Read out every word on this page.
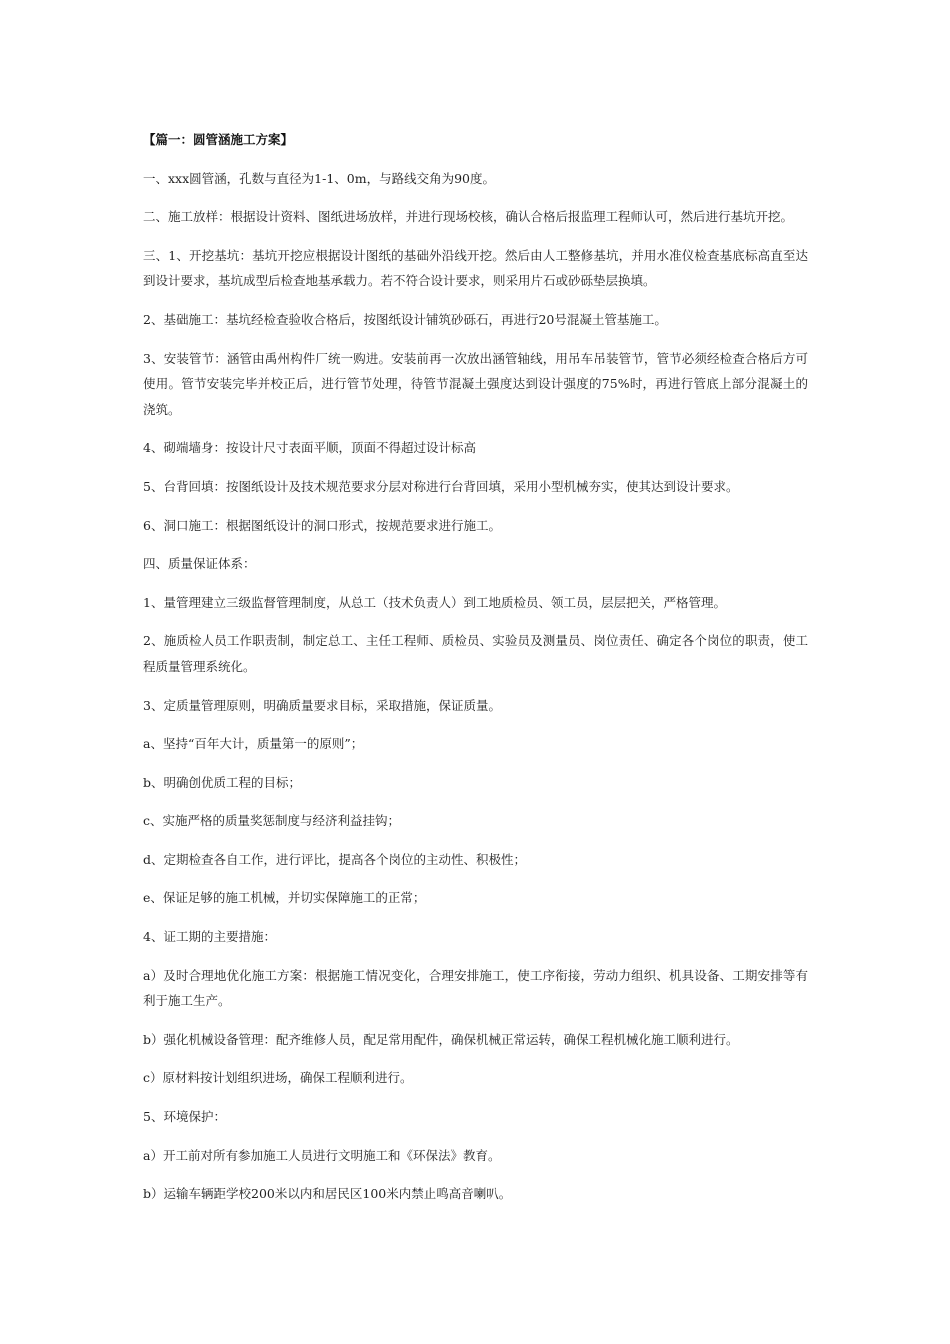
【篇一：圆管涵施工方案】
一、xxx圆管涵，孔数与直径为1-1、0m，与路线交角为90度。
二、施工放样：根据设计资料、图纸进场放样，并进行现场校核，确认合格后报监理工程师认可，然后进行基坑开挖。
三、1、开挖基坑：基坑开挖应根据设计图纸的基础外沿线开挖。然后由人工整修基坑，并用水准仪检查基底标高直至达到设计要求，基坑成型后检查地基承载力。若不符合设计要求，则采用片石或砂砾垫层换填。
2、基础施工：基坑经检查验收合格后，按图纸设计铺筑砂砾石，再进行20号混凝土管基施工。
3、安装管节：涵管由禹州构件厂统一购进。安装前再一次放出涵管轴线，用吊车吊装管节，管节必须经检查合格后方可使用。管节安装完毕并校正后，进行管节处理，待管节混凝土强度达到设计强度的75%时，再进行管底上部分混凝土的浇筑。
4、砌端墙身：按设计尺寸表面平顺，顶面不得超过设计标高
5、台背回填：按图纸设计及技术规范要求分层对称进行台背回填，采用小型机械夯实，使其达到设计要求。
6、洞口施工：根据图纸设计的洞口形式，按规范要求进行施工。
四、质量保证体系：
1、量管理建立三级监督管理制度，从总工（技术负责人）到工地质检员、领工员，层层把关，严格管理。
2、施质检人员工作职责制，制定总工、主任工程师、质检员、实验员及测量员、岗位责任、确定各个岗位的职责，使工程质量管理系统化。
3、定质量管理原则，明确质量要求目标，采取措施，保证质量。
a、坚持“百年大计，质量第一的原则”；
b、明确创优质工程的目标；
c、实施严格的质量奖惩制度与经济利益挂钩；
d、定期检查各自工作，进行评比，提高各个岗位的主动性、积极性；
e、保证足够的施工机械，并切实保障施工的正常；
4、证工期的主要措施：
a）及时合理地优化施工方案：根据施工情况变化，合理安排施工，使工序衔接，劳动力组织、机具设备、工期安排等有利于施工生产。
b）强化机械设备管理：配齐维修人员，配足常用配件，确保机械正常运转，确保工程机械化施工顺利进行。
c）原材料按计划组织进场，确保工程顺利进行。
5、环境保护：
a）开工前对所有参加施工人员进行文明施工和《环保法》教育。
b）运输车辆距学校200米以内和居民区100米内禁止鸣高音喇叭。
